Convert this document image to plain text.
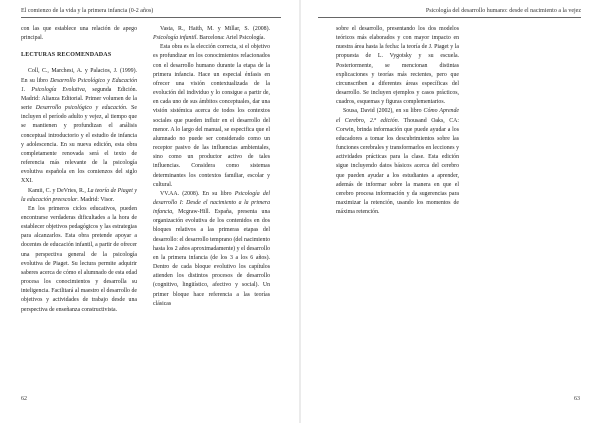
El comienzo de la vida y la primera infancia (0-2 años)

con las que establece una relación de apego principal.

LECTURAS RECOMENDADAS

Coll, C., Marchesi, A. y Palacios, J. (1999). En su libro Desarrollo Psicológico y Educación 1. Psicología Evolutiva, segunda Edición. Madrid: Alianza Editorial. Primer volumen de la serie Desarrollo psicológico y educación. Se incluyen el período adulto y vejez, al tiempo que se mantienen y profundizan el análisis conceptual introductorio y el estudio de infancia y adolescencia. En su nueva edición, esta obra completamente renovada será el texto de referencia más relevante de la psicología evolutiva española en los comienzos del siglo XXI.

Kamii, C. y DeVries, R., La teoría de Piaget y la educación preescolar. Madrid: Visor.

En los primeros ciclos educativos, pueden encontrarse verdaderas dificultades a la hora de establecer objetivos pedagógicos y las estrategias para alcanzarlos. Esta obra pretende apoyar a docentes de educación infantil, a partir de ofrecer una perspectiva general de la psicología evolutiva de Piaget. Su lectura permite adquirir saberes acerca de cómo el alumnado de esta edad procesa los conocimientos y desarrolla su inteligencia. Facilitará al maestro el desarrollo de objetivos y actividades de trabajo desde una perspectiva de enseñanza constructivista.

Vasta, R., Haith, M. y Millar, S. (2008). Psicología infantil. Barcelona: Ariel Psicología.

Esta obra es la elección correcta, si el objetivo es profundizar en los conocimientos relacionados con el desarrollo humano durante la etapa de la primera infancia. Hace un especial énfasis en ofrecer una visión contextualizada de la evolución del individuo y lo consigue a partir de, en cada uno de sus ámbitos conceptuales, dar una visión sistémica acerca de todos los contextos sociales que pueden influir en el desarrollo del menor. A lo largo del manual, se especifica que el alumnado no puede ser considerado como un receptor pasivo de las influencias ambientales, sino como un productor activo de tales influencias. Considera como sistemas determinantes los contextos familiar, escolar y cultural.

VV.AA. (2008). En su libro Psicología del desarrollo I: Desde el nacimiento a la primera infancia, Mcgraw-Hill. España, presenta una organización evolutiva de los contenidos en dos bloques relativos a las primeras etapas del desarrollo: el desarrollo temprano (del nacimiento hasta los 2 años aproximadamente) y el desarrollo en la primera infancia (de los 3 a los 6 años). Dentro de cada bloque evolutivo los capítulos atienden los distintos procesos de desarrollo (cognitivo, lingüístico, afectivo y social). Un primer bloque hace referencia a las teorías clásicas

62
Psicología del desarrollo humano: desde el nacimiento a la vejez

sobre el desarrollo, presentando los dos modelos teóricos más elaborados y con mayor impacto en nuestra área hasta la fecha: la teoría de J. Piaget y la propuesta de L. Vygotsky y su escuela. Posteriormente, se mencionan distintas explicaciones y teorías más recientes, pero que circunscriben a diferentes áreas específicas del desarrollo. Se incluyen ejemplos y casos prácticos, cuadros, esquemas y figuras complementarios.

Sousa, David (2002), en su libro Cómo Aprende el Cerebro, 2.ª edición. Thousand Oaks, CA: Corwin, brinda información que puede ayudar a los educadores a tomar los descubrimientos sobre las funciones cerebrales y transformarlos en lecciones y actividades prácticas para la clase. Esta edición sigue incluyendo datos básicos acerca del cerebro que pueden ayudar a los estudiantes a aprender, además de informar sobre la manera en que el cerebro procesa información y da sugerencias para maximizar la retención, usando los momentos de máxima retención.

63
